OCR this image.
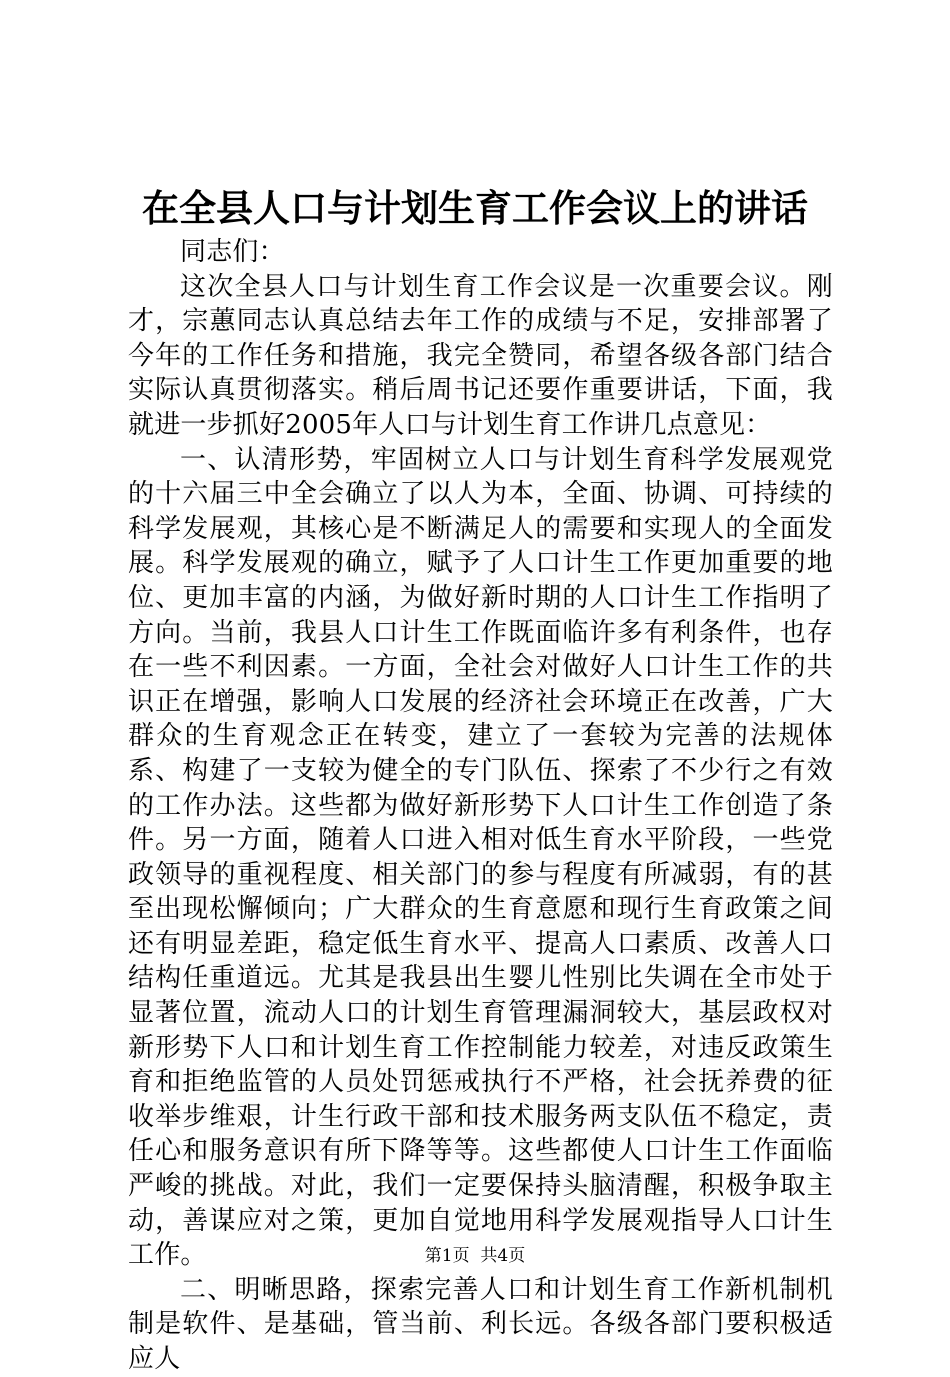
在全县人口与计划生育工作会议上的讲话

同志们：

这次全县人口与计划生育工作会议是一次重要会议。刚才，宗蕙同志认真总结去年工作的成绩与不足，安排部署了今年的工作任务和措施，我完全赞同，希望各级各部门结合实际认真贯彻落实。稍后周书记还要作重要讲话，下面，我就进一步抓好2005年人口与计划生育工作讲几点意见：

一、认清形势，牢固树立人口与计划生育科学发展观党的十六届三中全会确立了以人为本，全面、协调、可持续的科学发展观，其核心是不断满足人的需要和实现人的全面发展。科学发展观的确立，赋予了人口计生工作更加重要的地位、更加丰富的内涵，为做好新时期的人口计生工作指明了方向。当前，我县人口计生工作既面临许多有利条件，也存在一些不利因素。一方面，全社会对做好人口计生工作的共识正在增强，影响人口发展的经济社会环境正在改善，广大群众的生育观念正在转变，建立了一套较为完善的法规体系、构建了一支较为健全的专门队伍、探索了不少行之有效的工作办法。这些都为做好新形势下人口计生工作创造了条件。另一方面，随着人口进入相对低生育水平阶段，一些党政领导的重视程度、相关部门的参与程度有所减弱，有的甚至出现松懈倾向；广大群众的生育意愿和现行生育政策之间还有明显差距，稳定低生育水平、提高人口素质、改善人口结构任重道远。尤其是我县出生婴儿性别比失调在全市处于显著位置，流动人口的计划生育管理漏洞较大，基层政权对新形势下人口和计划生育工作控制能力较差，对违反政策生育和拒绝监管的人员处罚惩戒执行不严格，社会抚养费的征收举步维艰，计生行政干部和技术服务两支队伍不稳定，责任心和服务意识有所下降等等。这些都使人口计生工作面临严峻的挑战。对此，我们一定要保持头脑清醒，积极争取主动，善谋应对之策，更加自觉地用科学发展观指导人口计生工作。

二、明晰思路，探索完善人口和计划生育工作新机制机制是软件、是基础，管当前、利长远。各级各部门要积极适应人

第1页  共4页
